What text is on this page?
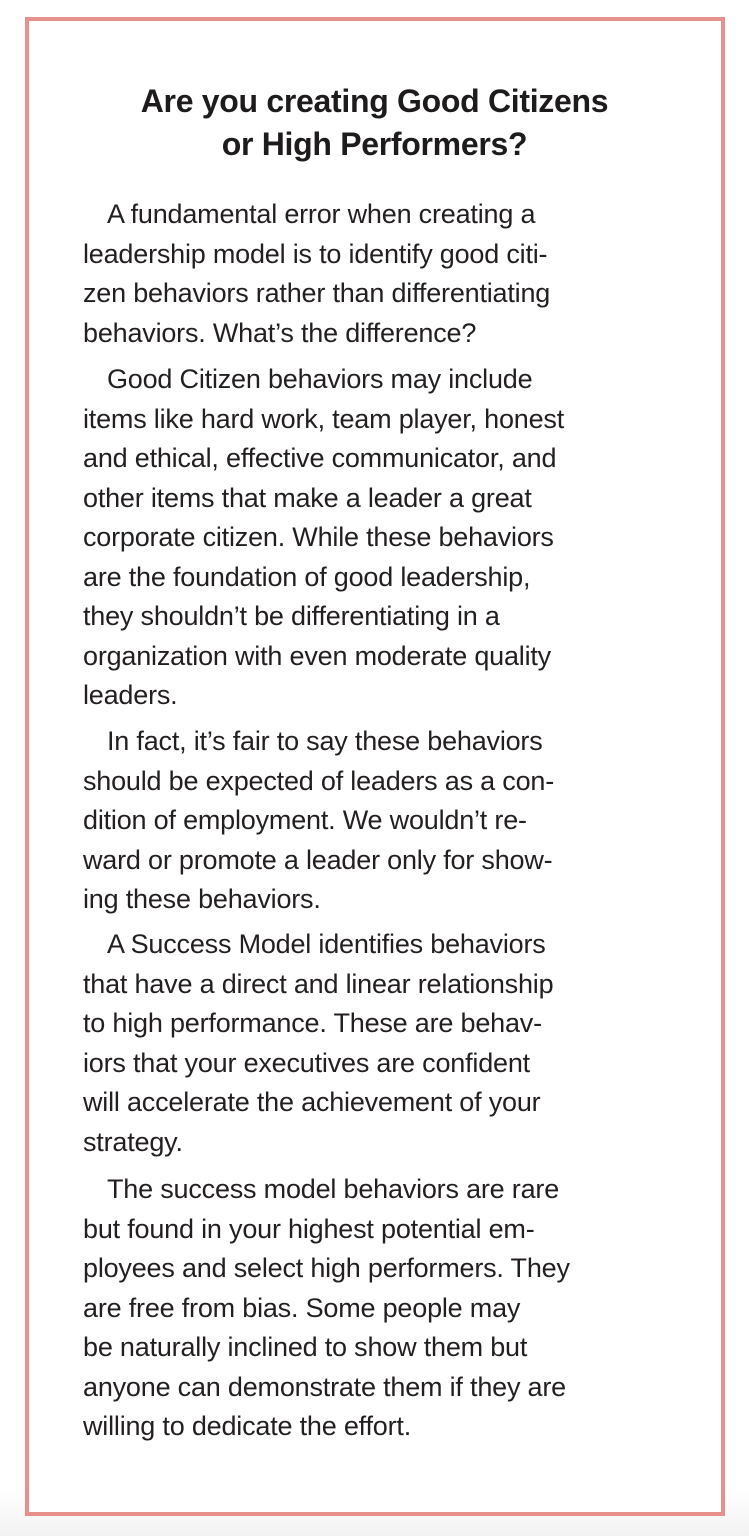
Are you creating Good Citizens
or High Performers?
A fundamental error when creating a
leadership model is to identify good citi-
zen behaviors rather than differentiating
behaviors. What’s the difference?
Good Citizen behaviors may include
items like hard work, team player, honest
and ethical, effective communicator, and
other items that make a leader a great
corporate citizen. While these behaviors
are the foundation of good leadership,
they shouldn’t be differentiating in a
organization with even moderate quality
leaders.
In fact, it’s fair to say these behaviors
should be expected of leaders as a con-
dition of employment. We wouldn’t re-
ward or promote a leader only for show-
ing these behaviors.
A Success Model identifies behaviors
that have a direct and linear relationship
to high performance. These are behav-
iors that your executives are confident
will accelerate the achievement of your
strategy.
The success model behaviors are rare
but found in your highest potential em-
ployees and select high performers. They
are free from bias. Some people may
be naturally inclined to show them but
anyone can demonstrate them if they are
willing to dedicate the effort.
